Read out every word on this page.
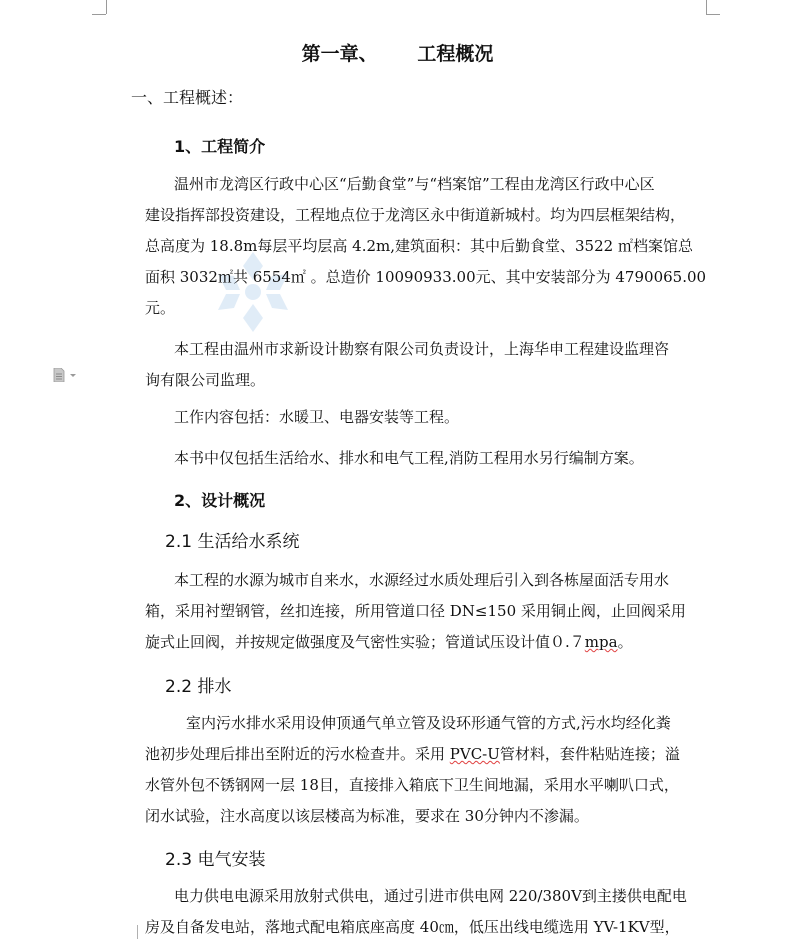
第一章、      工程概况
一、工程概述：
1、工程简介
温州市龙湾区行政中心区“后勤食堂”与“档案馆”工程由龙湾区行政中心区
建设指挥部投资建设，工程地点位于龙湾区永中街道新城村。均为四层框架结构，
总高度为 18.8m每层平均层高 4.2m,建筑面积：其中后勤食堂、3522 ㎡档案馆总
面积 3032㎡共 6554㎡ 。总造价 10090933.00元、其中安装部分为 4790065.00
元。
本工程由温州市求新设计勘察有限公司负责设计，上海华申工程建设监理咨
询有限公司监理。
工作内容包括：水暖卫、电器安装等工程。
本书中仅包括生活给水、排水和电气工程,消防工程用水另行编制方案。
2、设计概况
2.1 生活给水系统
本工程的水源为城市自来水，水源经过水质处理后引入到各栋屋面活专用水
箱，采用衬塑钢管，丝扣连接，所用管道口径 DN≤150 采用铜止阀，止回阀采用
旋式止回阀，并按规定做强度及气密性实验；管道试压设计值０.７mpa。
2.2 排水
室内污水排水采用设伸顶通气单立管及设环形通气管的方式,污水均经化粪
池初步处理后排出至附近的污水检查井。采用 PVC-U管材料，套件粘贴连接；溢
水管外包不锈钢网一层 18目，直接排入箱底下卫生间地漏，采用水平喇叭口式，
闭水试验，注水高度以该层楼高为标准，要求在 30分钟内不渗漏。
2.3 电气安装
电力供电电源采用放射式供电，通过引进市供电网 220/380V到主搂供电配电
房及自备发电站，落地式配电箱底座高度 40㎝，低压出线电缆选用 YV-1KV型，
